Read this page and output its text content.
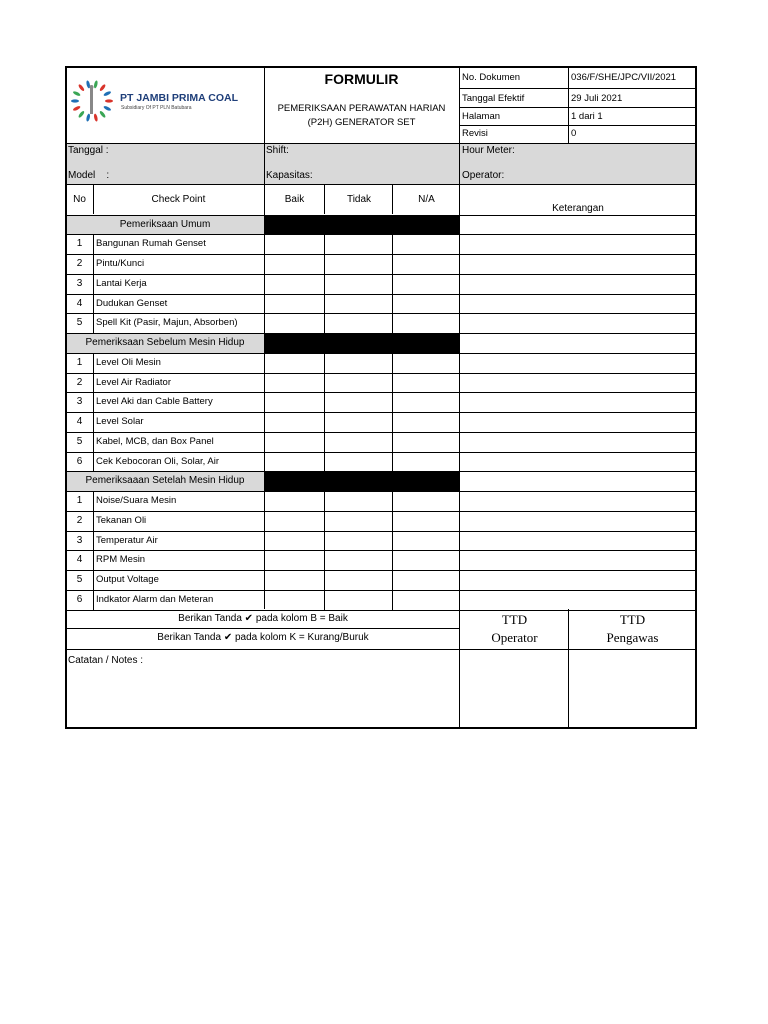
PT JAMBI PRIMA COAL
Subsidiary Of PT PLN Batubara
FORMULIR
PEMERIKSAAN PERAWATAN HARIAN
(P2H) GENERATOR SET
No. Dokumen	036/F/SHE/JPC/VII/2021
Tanggal Efektif	29 Juli 2021
Halaman	1 dari 1
Revisi	0
Tanggal :
Model    :
Shift:
Kapasitas:
Hour Meter:
Operator:
No	Check Point	Baik	Tidak	N/A
Keterangan
Pemeriksaan Umum
1	Bangunan Rumah Genset
2	Pintu/Kunci
3	Lantai Kerja
4	Dudukan Genset
5	Spell Kit (Pasir, Majun, Absorben)
Pemeriksaan Sebelum Mesin Hidup
1	Level Oli Mesin
2	Level Air Radiator
3	Level Aki dan Cable Battery
4	Level Solar
5	Kabel, MCB, dan Box Panel
6	Cek Kebocoran Oli, Solar, Air
Pemeriksaaan Setelah Mesin Hidup
1	Noise/Suara Mesin
2	Tekanan Oli
3	Temperatur Air
4	RPM Mesin
5	Output Voltage
6	Indkator Alarm dan Meteran
Berikan Tanda ✔ pada kolom B = Baik
Berikan Tanda ✔ pada kolom K = Kurang/Buruk
TTD
Operator
TTD
Pengawas
Catatan / Notes :
